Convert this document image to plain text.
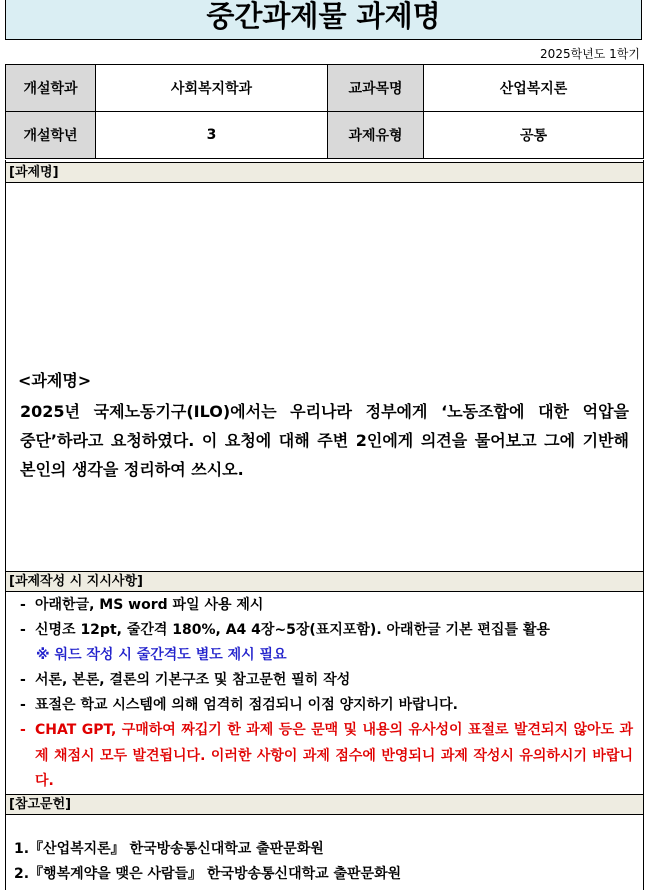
중간과제물 과제명
2025학년도 1학기
개설학과	사회복지학과	교과목명	산업복지론
개설학년	3	과제유형	공통
[과제명]
<과제명>

2025년 국제노동기구(ILO)에서는 우리나라 정부에게 ‘노동조합에 대한 억압을 중단’하라고 요청하였다. 이 요청에 대해 주변 2인에게 의견을 물어보고 그에 기반해 본인의 생각을 정리하여 쓰시오.

[과제작성 시 지시사항]
- 아래한글, MS word 파일 사용 제시
- 신명조 12pt, 줄간격 180%, A4 4장~5장(표지포함). 아래한글 기본 편집틀 활용
※ 워드 작성 시 줄간격도 별도 제시 필요
- 서론, 본론, 결론의 기본구조 및 참고문헌 필히 작성
- 표절은 학교 시스템에 의해 엄격히 점검되니 이점 양지하기 바랍니다.
- CHAT GPT, 구매하여 짜깁기 한 과제 등은 문맥 및 내용의 유사성이 표절로 발견되지 않아도 과제 채점시 모두 발견됩니다. 이러한 사항이 과제 점수에 반영되니 과제 작성시 유의하시기 바랍니다.
[참고문헌]
1.『산업복지론』 한국방송통신대학교 출판문화원
2.『행복계약을 맺은 사람들』 한국방송통신대학교 출판문화원
